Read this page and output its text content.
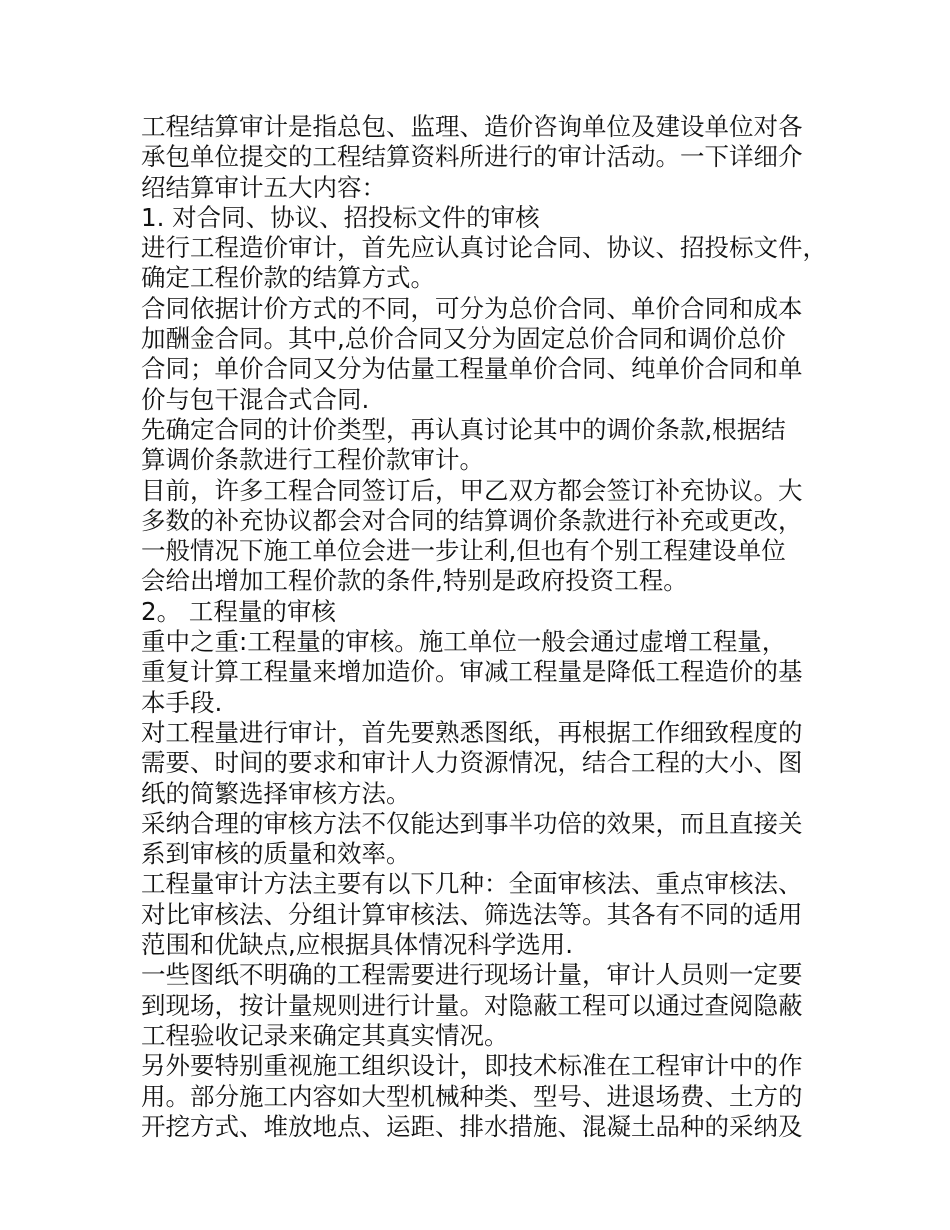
工程结算审计是指总包、监理、造价咨询单位及建设单位对各
承包单位提交的工程结算资料所进行的审计活动。一下详细介
绍结算审计五大内容：

1. 对合同、协议、招投标文件的审核

进行工程造价审计，首先应认真讨论合同、协议、招投标文件，
确定工程价款的结算方式。

合同依据计价方式的不同，可分为总价合同、单价合同和成本
加酬金合同。其中,总价合同又分为固定总价合同和调价总价
合同；单价合同又分为估量工程量单价合同、纯单价合同和单
价与包干混合式合同.

先确定合同的计价类型，再认真讨论其中的调价条款,根据结
算调价条款进行工程价款审计。

目前，许多工程合同签订后，甲乙双方都会签订补充协议。大
多数的补充协议都会对合同的结算调价条款进行补充或更改，
一般情况下施工单位会进一步让利,但也有个别工程建设单位
会给出增加工程价款的条件,特别是政府投资工程。

2。 工程量的审核

重中之重:工程量的审核。施工单位一般会通过虚增工程量，
重复计算工程量来增加造价。审减工程量是降低工程造价的基
本手段.

对工程量进行审计，首先要熟悉图纸，再根据工作细致程度的
需要、时间的要求和审计人力资源情况，结合工程的大小、图
纸的简繁选择审核方法。

采纳合理的审核方法不仅能达到事半功倍的效果，而且直接关
系到审核的质量和效率。

工程量审计方法主要有以下几种：全面审核法、重点审核法、
对比审核法、分组计算审核法、筛选法等。其各有不同的适用
范围和优缺点,应根据具体情况科学选用.

一些图纸不明确的工程需要进行现场计量，审计人员则一定要
到现场，按计量规则进行计量。对隐蔽工程可以通过查阅隐蔽
工程验收记录来确定其真实情况。

另外要特别重视施工组织设计，即技术标准在工程审计中的作
用。部分施工内容如大型机械种类、型号、进退场费、土方的
开挖方式、堆放地点、运距、排水措施、混凝土品种的采纳及
